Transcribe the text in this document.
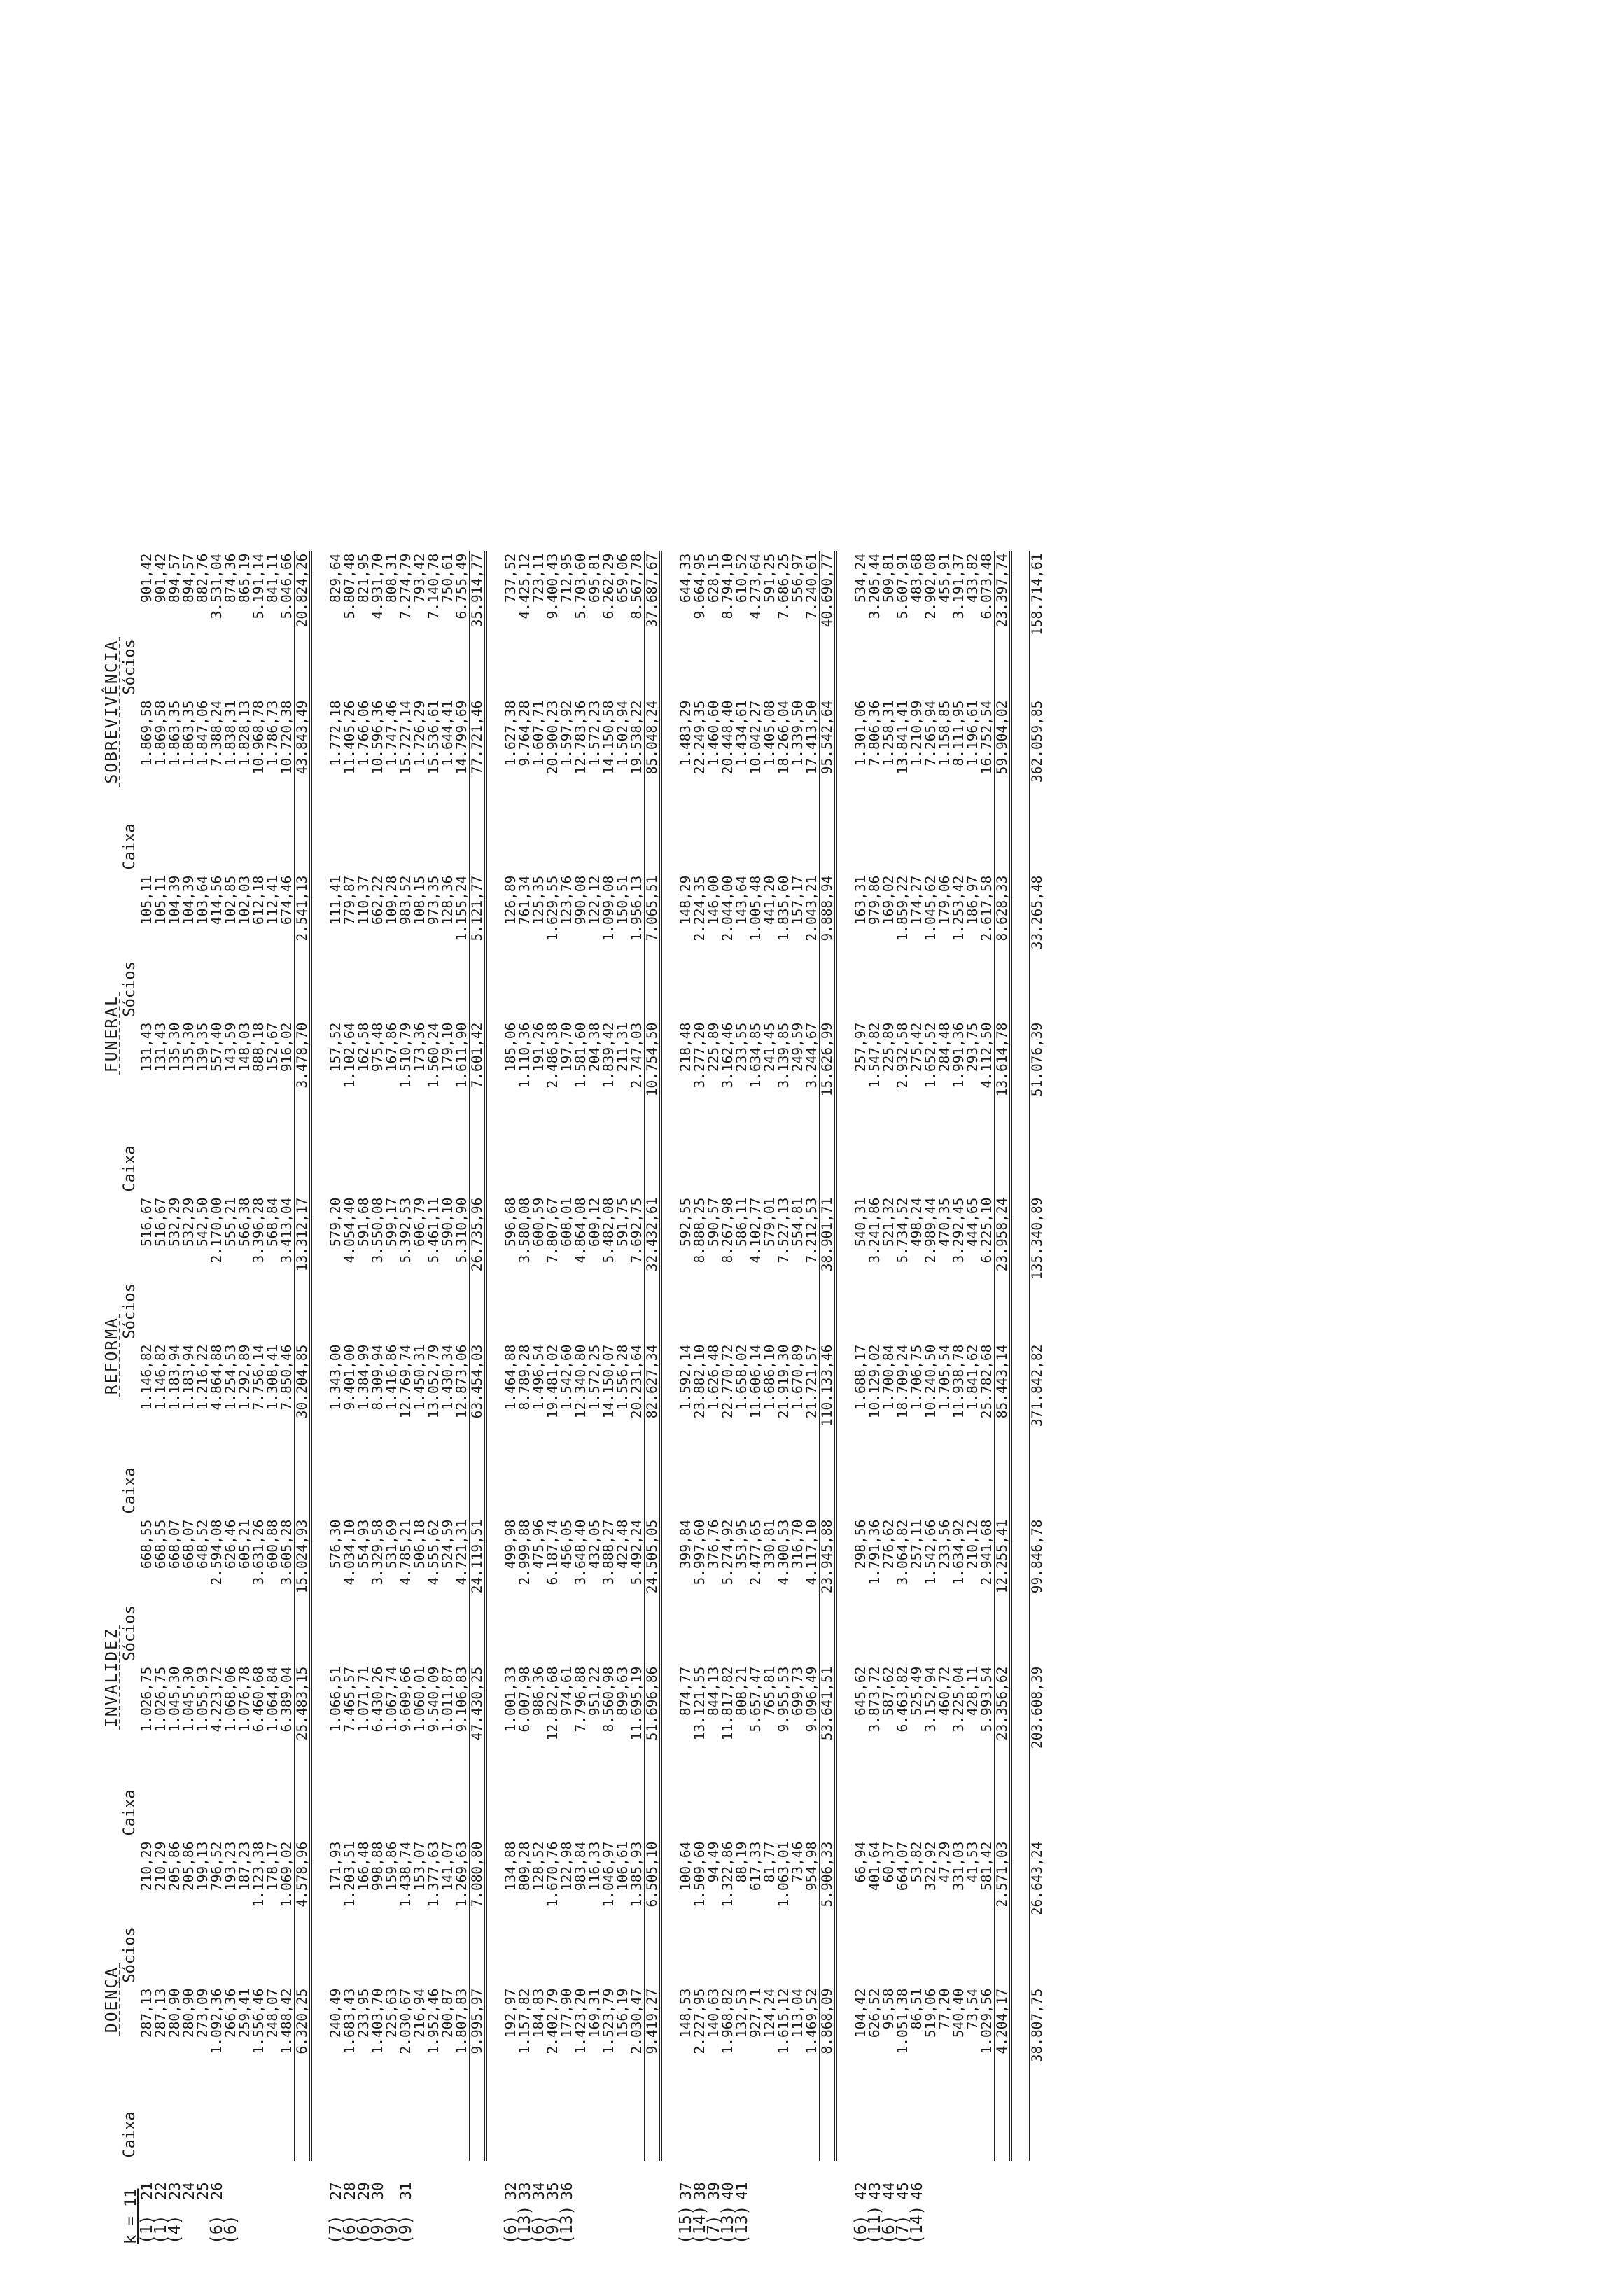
			DOENÇA		INVALIDEZ		REFORMA		FUNERAL		SOBREVIVÊNCIA	
k = 11			Caixa	Sócios	Caixa	Sócios	Caixa	Sócios	Caixa	Sócios	Caixa	Sócios
(1)	21		287,13	210,29	1.026,75	668,55	1.146,82	516,67	131,43	105,11	1.869,58	901,42
(1)	22		287,13	210,29	1.026,75	668,55	1.146,82	516,67	131,43	105,11	1.869,58	901,42
(4)	23		280,90	205,86	1.045,30	668,07	1.183,94	532,29	135,30	104,39	1.863,35	894,57
	24		280,90	205,86	1.045,30	668,07	1.183,94	532,29	135,30	104,39	1.863,35	894,57
	25		273,09	199,13	1.055,93	648,52	1.216,22	542,50	139,35	103,64	1.847,06	882,76
(6)	26		1.092,36	796,52	4.223,72	2.594,08	4.864,88	2.170,00	557,40	414,56	7.388,24	3.531,04
(6)			266,36	193,23	1.068,06	626,46	1.254,53	555,21	143,59	102,85	1.838,31	874,36
			259,41	187,23	1.076,78	605,21	1.292,89	566,38	148,03	102,03	1.828,13	865,19
			1.556,46	1.123,38	6.460,68	3.631,26	7.756,14	3.396,28	888,18	612,18	10.968,78	5.191,14
			248,07	178,17	1.064,84	600,88	1.308,41	568,84	152,67	112,41	1.786,73	841,11
			1.488,42	1.069,02	6.389,04	3.605,28	7.850,46	3.413,04	916,02	674,46	10.720,38	5.046,66
			6.320,25	4.578,96	25.483,15	15.024,93	30.204,85	13.312,17	3.478,70	2.541,13	43.843,49	20.824,26

(7)	27		240,49	171,93	1.066,51	576,30	1.343,00	579,20	157,52	111,41	1.772,18	829,64
(6)	28		1.683,43	1.203,51	7.465,57	4.034,10	9.401,00	4.054,40	1.102,64	779,87	11.405,26	5.807,48
(6)	29		233,95	166,48	1.071,71	554,93	1.384,99	591,68	162,58	110,37	1.766,06	821,95
(9)	30		1.403,70	998,88	6.430,26	3.329,58	8.309,94	3.550,08	975,48	662,22	10.596,36	4.931,70
(9)			225,63	159,86	1.067,74	531,69	1.416,86	599,17	167,86	109,28	1.747,46	808,31
(9)	31		2.030,67	1.438,74	9.609,66	4.785,21	12.769,74	5.392,53	1.510,79	983,52	15.727,14	7.274,79
			216,94	153,07	1.060,01	506,18	1.450,31	606,79	173,36	108,15	1.726,29	793,42
			1.952,46	1.377,63	9.540,09	4.555,62	13.052,79	5.461,11	1.560,24	973,35	15.536,61	7.140,78
			200,87	141,07	1.011,87	524,59	1.430,34	590,10	179,10	128,36	1.644,41	750,61
			1.807,83	1.269,63	9.106,83	4.721,31	12.873,06	5.310,90	1.611,90	1.155,24	14.799,69	6.755,49
			9.995,97	7.080,80	47.430,25	24.119,51	63.454,03	26.735,96	7.601,42	5.121,77	77.721,46	35.914,77

(6)	32		192,97	134,88	1.001,33	499,98	1.464,88	596,68	185,06	126,89	1.627,38	737,52
(13)	33		1.157,82	809,28	6.007,98	2.999,88	8.789,28	3.580,08	1.110,36	761,34	9.764,28	4.425,12
(6)	34		184,83	128,52	986,36	475,96	1.496,54	600,59	191,26	125,35	1.607,71	723,11
(9)	35		2.402,79	1.670,76	12.822,68	6.187,74	19.481,02	7.807,67	2.486,38	1.629,55	20.900,23	9.400,43
(13)	36		177,90	122,98	974,61	456,05	1.542,60	608,01	197,70	123,76	1.597,92	712,95
			1.423,20	983,84	7.796,88	3.648,40	12.340,80	4.864,08	1.581,60	990,08	12.783,36	5.703,60
			169,31	116,33	951,22	432,05	1.572,25	609,12	204,38	122,12	1.572,23	695,81
			1.523,79	1.046,97	8.560,98	3.888,27	14.150,07	5.482,08	1.839,42	1.099,08	14.150,58	6.262,29
			156,19	106,61	899,63	422,48	1.556,28	591,75	211,31	150,51	1.502,94	659,06
			2.030,47	1.385,93	11.695,19	5.492,24	20.231,64	7.692,75	2.747,03	1.956,13	19.538,22	8.567,78
			9.419,27	6.505,10	51.696,86	24.505,05	82.627,34	32.432,61	10.754,50	7.065,51	85.048,24	37.687,67

(15)	37		148,53	100,64	874,77	399,84	1.592,14	592,55	218,48	148,29	1.483,29	644,33
(14)	38		2.227,95	1.509,60	13.121,55	5.997,60	23.882,10	8.888,25	3.277,20	2.224,35	22.249,35	9.664,95
(7)	39		140,63	94,49	844,13	376,76	1.626,48	590,57	225,89	146,00	1.460,60	628,15
(13)	40		1.968,82	1.322,86	11.817,82	5.274,92	22.770,72	8.267,98	3.162,46	2.044,00	20.448,40	8.794,10
(13)	41		132,53	88,19	808,21	353,95	1.658,02	586,11	233,55	143,64	1.434,61	610,52
			927,71	617,33	5.657,47	2.477,65	11.606,14	4.102,77	1.634,85	1.005,48	10.042,27	4.273,64
			124,24	81,77	765,81	330,81	1.686,10	579,01	241,45	441,20	1.405,08	591,25
			1.615,12	1.063,01	9.955,53	4.300,53	21.919,30	7.527,13	3.139,85	1.835,60	18.266,04	7.686,25
			113,04	73,46	699,73	316,70	1.670,89	554,81	249,59	157,17	1.339,50	556,97
			1.469,52	954,98	9.096,49	4.117,10	21.721,57	7.212,53	3.244,67	2.043,21	17.413,50	7.240,61
			8.868,09	5.906,33	53.641,51	23.945,88	110.133,46	38.901,71	15.626,99	9.888,94	95.542,64	40.690,77

(6)	42		104,42	66,94	645,62	298,56	1.688,17	540,31	257,97	163,31	1.301,06	534,24
(11)	43		626,52	401,64	3.873,72	1.791,36	10.129,02	3.241,86	1.547,82	979,86	7.806,36	3.205,44
(6)	44		95,58	60,37	587,62	276,62	1.700,84	521,32	225,89	169,02	1.258,31	509,81
(7)	45		1.051,38	664,07	6.463,82	3.064,82	18.709,24	5.734,52	2.932,58	1.859,22	13.841,41	5.607,91
(14)	46		86,51	53,82	525,49	257,11	1.706,75	498,24	275,42	174,27	1.210,99	483,68
			519,06	322,92	3.152,94	1.542,66	10.240,50	2.989,44	1.652,52	1.045,62	7.265,94	2.902,08
			77,20	47,29	460,72	233,56	1.705,54	470,35	284,48	179,06	1.158,85	455,91
			540,40	331,03	3.225,04	1.634,92	11.938,78	3.292,45	1.991,36	1.253,42	8.111,95	3.191,37
			73,54	41,53	428,11	210,12	1.841,62	444,65	293,75	186,97	1.196,61	433,82
			1.029,56	581,42	5.993,54	2.941,68	25.782,68	6.225,10	4.112,50	2.617,58	16.752,54	6.073,48
			4.204,17	2.571,03	23.356,62	12.255,41	85.443,14	23.958,24	13.614,78	8.628,33	59.904,02	23.397,74

			38.807,75	26.643,24	203.608,39	99.846,78	371.842,82	135.340,89	51.076,39	33.265,48	362.059,85	158.714,61
